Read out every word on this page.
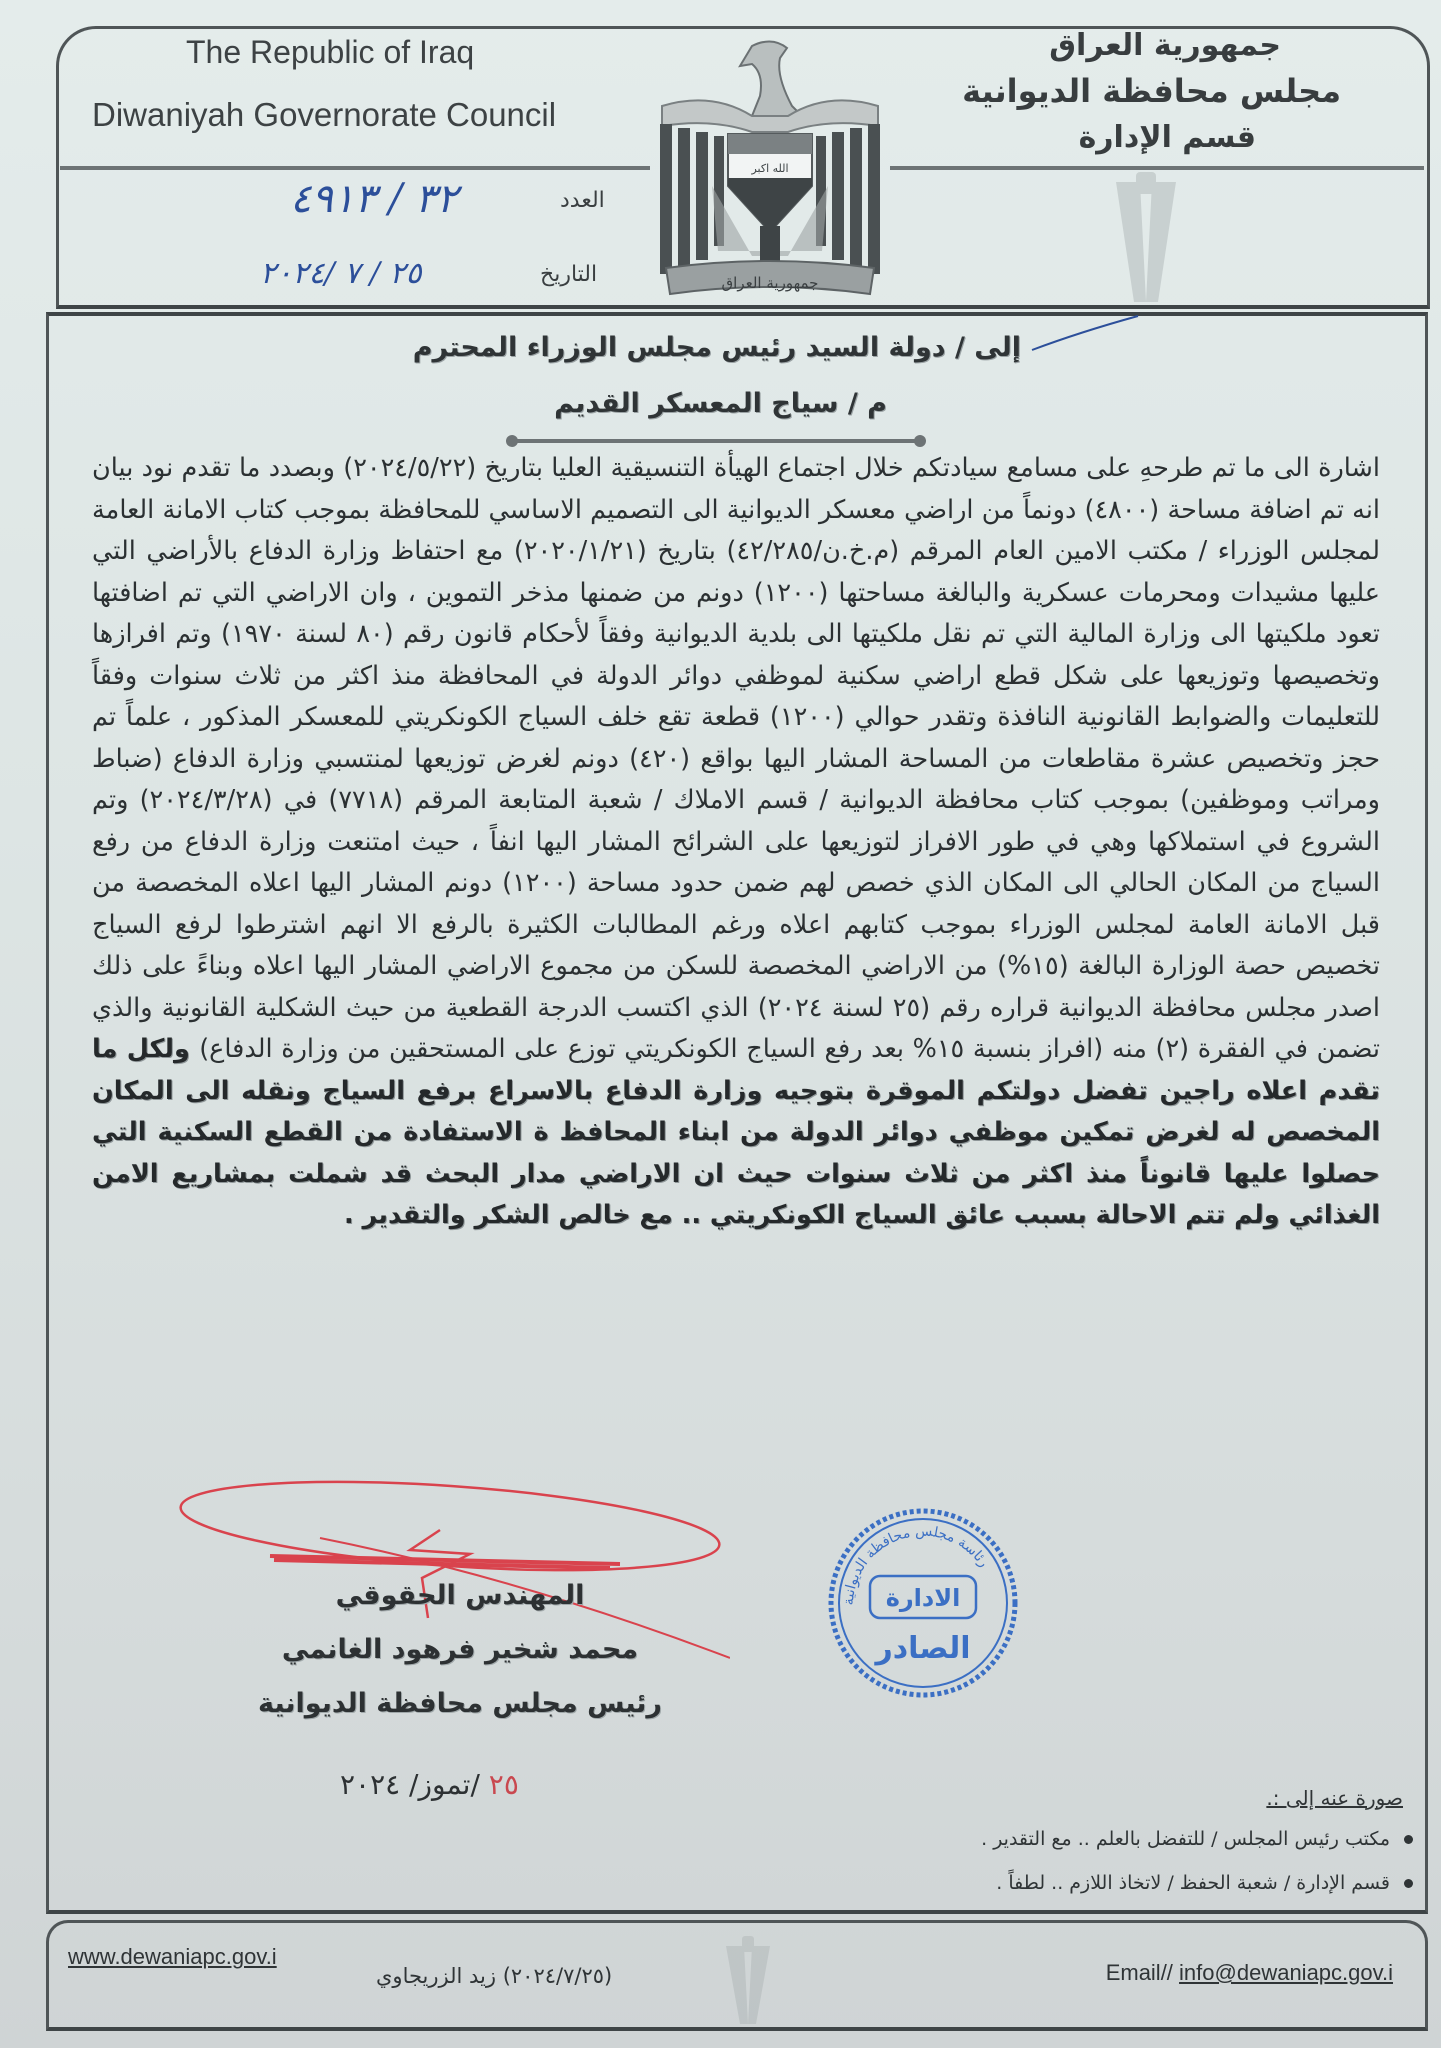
The Republic of Iraq
Diwaniyah Governorate Council
جمهورية العراق
مجلس محافظة الديوانية
قسم الإدارة
العدد
٣٢ / ٤٩١٣
التاريخ
٢٥ / ٧ /٢٠٢٤
الله اكبر
جمهورية العراق
إلى / دولة السيد رئيس مجلس الوزراء المحترم
م / سياج المعسكر القديم

اشارة الى ما تم طرحهِ على مسامع سيادتكم خلال اجتماع الهيأة التنسيقية العليا بتاريخ (٢٠٢٤/٥/٢٢) وبصدد ما تقدم نود بيان انه تم اضافة مساحة (٤٨٠٠) دونماً من اراضي معسكر الديوانية الى التصميم الاساسي للمحافظة بموجب كتاب الامانة العامة لمجلس الوزراء / مكتب الامين العام المرقم (م.خ.ن/٤٢/٢٨٥) بتاريخ (٢٠٢٠/١/٢١) مع احتفاظ وزارة الدفاع بالأراضي التي عليها مشيدات ومحرمات عسكرية والبالغة مساحتها (١٢٠٠) دونم من ضمنها مذخر التموين ، وان الاراضي التي تم اضافتها تعود ملكيتها الى وزارة المالية التي تم نقل ملكيتها الى بلدية الديوانية وفقاً لأحكام قانون رقم (٨٠ لسنة ١٩٧٠) وتم افرازها وتخصيصها وتوزيعها على شكل قطع اراضي سكنية لموظفي دوائر الدولة في المحافظة منذ اكثر من ثلاث سنوات وفقاً للتعليمات والضوابط القانونية النافذة وتقدر حوالي (١٢٠٠) قطعة تقع خلف السياج الكونكريتي للمعسكر المذكور ، علماً تم حجز وتخصيص عشرة مقاطعات من المساحة المشار اليها بواقع (٤٢٠) دونم لغرض توزيعها لمنتسبي وزارة الدفاع (ضباط ومراتب وموظفين) بموجب كتاب محافظة الديوانية / قسم الاملاك / شعبة المتابعة المرقم (٧٧١٨) في (٢٠٢٤/٣/٢٨) وتم الشروع في استملاكها وهي في طور الافراز لتوزيعها على الشرائح المشار اليها انفاً ، حيث امتنعت وزارة الدفاع من رفع السياج من المكان الحالي الى المكان الذي خصص لهم ضمن حدود مساحة (١٢٠٠) دونم المشار اليها اعلاه المخصصة من قبل الامانة العامة لمجلس الوزراء بموجب كتابهم اعلاه ورغم المطالبات الكثيرة بالرفع الا انهم اشترطوا لرفع السياج تخصيص حصة الوزارة البالغة (١٥%) من الاراضي المخصصة للسكن من مجموع الاراضي المشار اليها اعلاه وبناءً على ذلك اصدر مجلس محافظة الديوانية قراره رقم (٢٥ لسنة ٢٠٢٤) الذي اكتسب الدرجة القطعية من حيث الشكلية القانونية والذي تضمن في الفقرة (٢) منه (افراز بنسبة ١٥% بعد رفع السياج الكونكريتي توزع على المستحقين من وزارة الدفاع) ولكل ما تقدم اعلاه راجين تفضل دولتكم الموقرة بتوجيه وزارة الدفاع بالاسراع برفع السياج ونقله الى المكان المخصص له لغرض تمكين موظفي دوائر الدولة من ابناء المحافظ ة الاستفادة من القطع السكنية التي حصلوا عليها قانوناً منذ اكثر من ثلاث سنوات حيث ان الاراضي مدار البحث قد شملت بمشاريع الامن الغذائي ولم تتم الاحالة بسبب عائق السياج الكونكريتي .. مع خالص الشكر والتقدير .

المهندس الحقوقي
محمد شخير فرهود الغانمي
رئيس مجلس محافظة الديوانية
٢٥ /تموز/ ٢٠٢٤
رئاسة مجلس محافظة الديوانية
الادارة
الصادر
صورة عنه إلى :.
مكتب رئيس المجلس / للتفضل بالعلم .. مع التقدير .
قسم الإدارة / شعبة الحفظ / لاتخاذ اللازم .. لطفاً .
www.dewaniapc.gov.i
(٢٠٢٤/٧/٢٥) زيد الزريجاوي	Email// info@dewaniapc.gov.i
